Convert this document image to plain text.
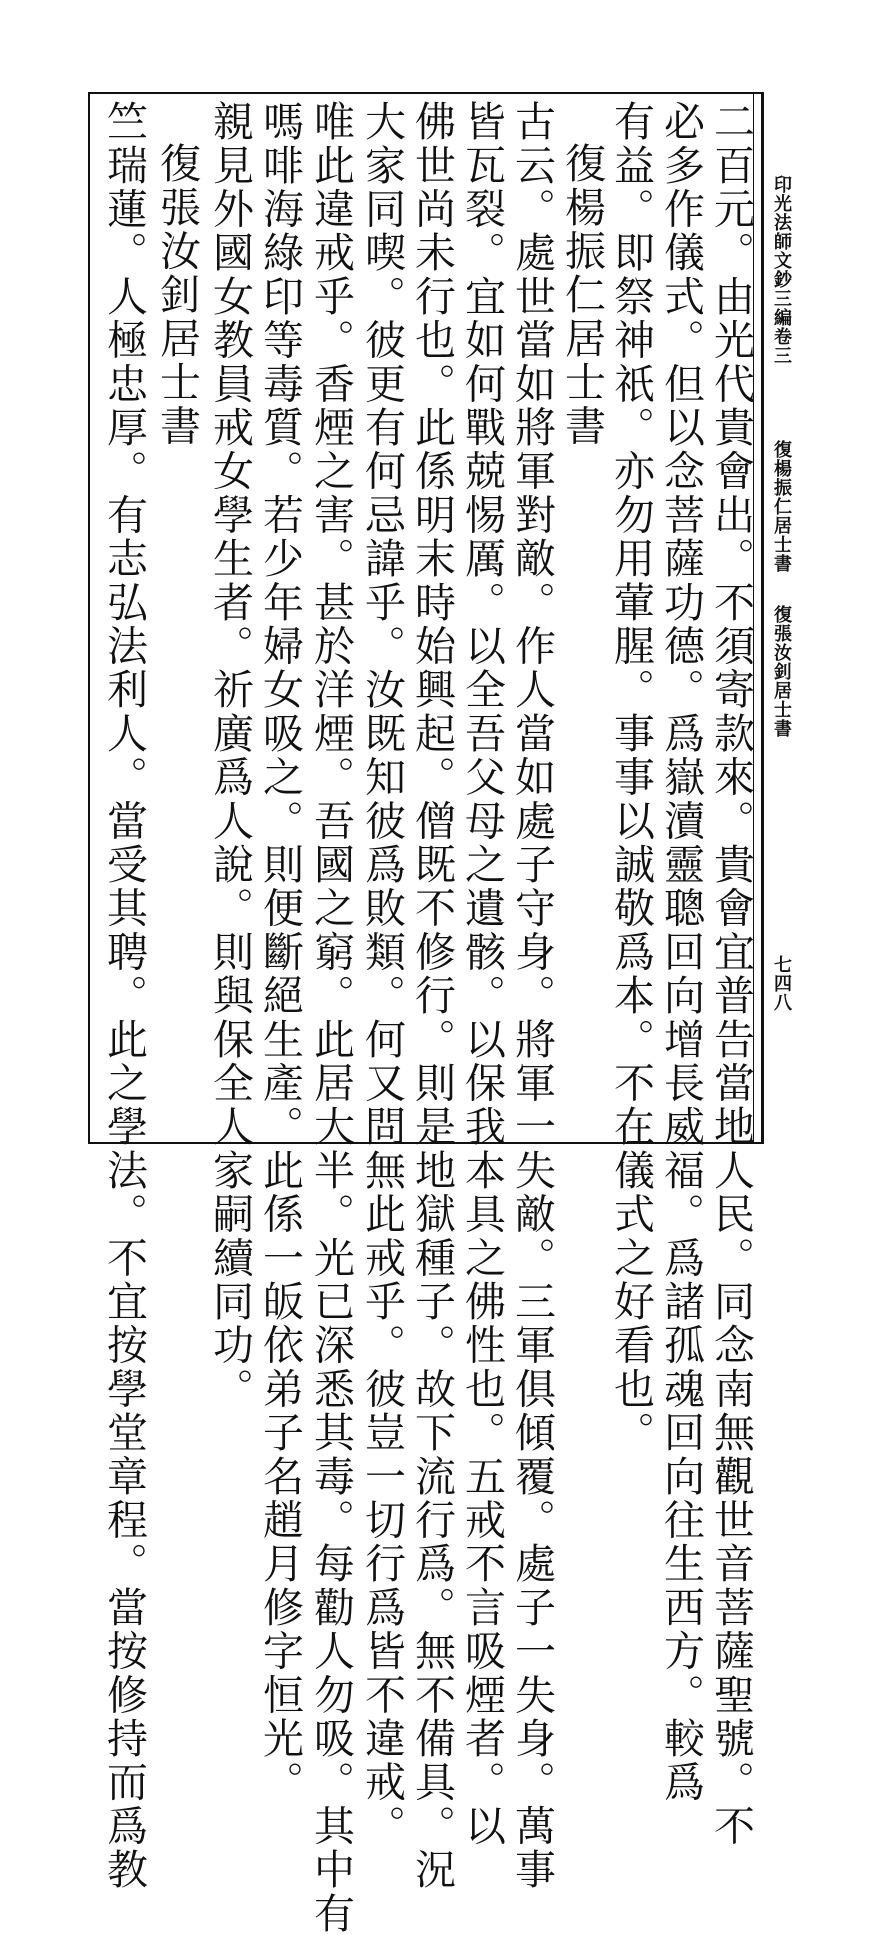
印光法師文鈔三編卷三
復楊振仁居士書
復張汝釗居士書
七四八
二百元。由光代貴會出。不須寄款來。貴會宜普告當地人民。同念南無觀世音菩薩聖號。不
必多作儀式。但以念菩薩功德。爲嶽瀆靈聰回向增長威福。爲諸孤魂回向往生西方。較爲
有益。即祭神祇。亦勿用葷腥。事事以誠敬爲本。不在儀式之好看也。
復楊振仁居士書
古云。處世當如將軍對敵。作人當如處子守身。將軍一失敵。三軍俱傾覆。處子一失身。萬事
皆瓦裂。宜如何戰兢惕厲。以全吾父母之遺骸。以保我本具之佛性也。五戒不言吸煙者。以
佛世尚未行也。此係明末時始興起。僧既不修行。則是地獄種子。故下流行爲。無不備具。況
大家同喫。彼更有何忌諱乎。汝既知彼爲敗類。何又問無此戒乎。彼豈一切行爲皆不違戒。
唯此違戒乎。香煙之害。甚於洋煙。吾國之窮。此居大半。光已深悉其毒。每勸人勿吸。其中有
嗎啡海綠印等毒質。若少年婦女吸之。則便斷絕生產。此係一皈依弟子名趙月修字恒光。
親見外國女教員戒女學生者。祈廣爲人說。則與保全人家嗣續同功。
復張汝釗居士書
竺瑞蓮。人極忠厚。有志弘法利人。當受其聘。此之學法。不宜按學堂章程。當按修持而爲教
